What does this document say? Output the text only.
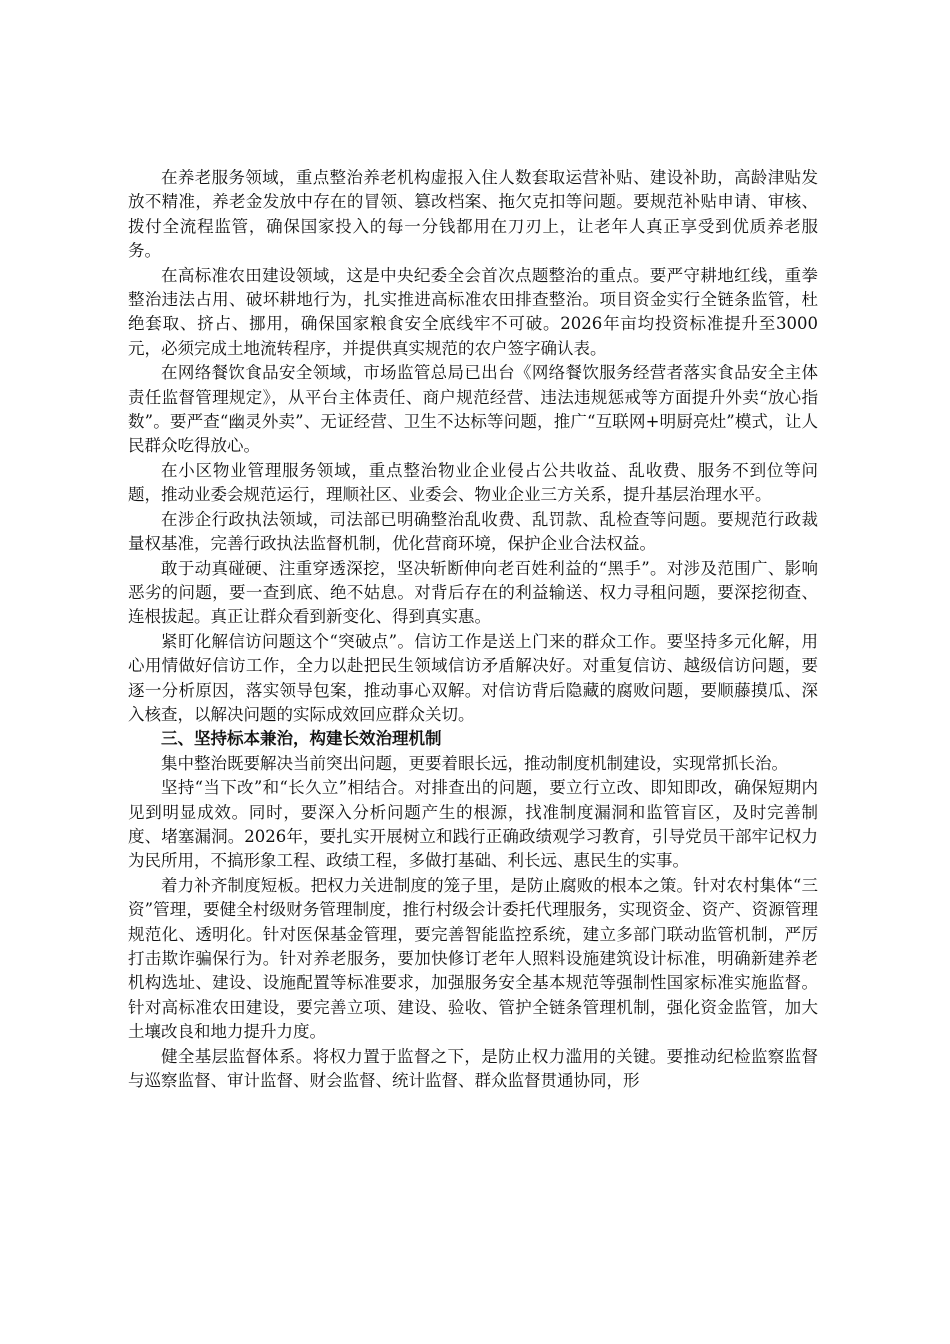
在养老服务领域，重点整治养老机构虚报入住人数套取运营补贴、建设补助，高龄津贴发放不精准，养老金发放中存在的冒领、篡改档案、拖欠克扣等问题。要规范补贴申请、审核、拨付全流程监管，确保国家投入的每一分钱都用在刀刃上，让老年人真正享受到优质养老服务。

在高标准农田建设领域，这是中央纪委全会首次点题整治的重点。要严守耕地红线，重拳整治违法占用、破坏耕地行为，扎实推进高标准农田排查整治。项目资金实行全链条监管，杜绝套取、挤占、挪用，确保国家粮食安全底线牢不可破。2026年亩均投资标准提升至3000元，必须完成土地流转程序，并提供真实规范的农户签字确认表。

在网络餐饮食品安全领域，市场监管总局已出台《网络餐饮服务经营者落实食品安全主体责任监督管理规定》，从平台主体责任、商户规范经营、违法违规惩戒等方面提升外卖“放心指数”。要严查“幽灵外卖”、无证经营、卫生不达标等问题，推广“互联网+明厨亮灶”模式，让人民群众吃得放心。

在小区物业管理服务领域，重点整治物业企业侵占公共收益、乱收费、服务不到位等问题，推动业委会规范运行，理顺社区、业委会、物业企业三方关系，提升基层治理水平。

在涉企行政执法领域，司法部已明确整治乱收费、乱罚款、乱检查等问题。要规范行政裁量权基准，完善行政执法监督机制，优化营商环境，保护企业合法权益。

敢于动真碰硬、注重穿透深挖，坚决斩断伸向老百姓利益的“黑手”。对涉及范围广、影响恶劣的问题，要一查到底、绝不姑息。对背后存在的利益输送、权力寻租问题，要深挖彻查、连根拔起。真正让群众看到新变化、得到真实惠。

紧盯化解信访问题这个“突破点”。信访工作是送上门来的群众工作。要坚持多元化解，用心用情做好信访工作，全力以赴把民生领域信访矛盾解决好。对重复信访、越级信访问题，要逐一分析原因，落实领导包案，推动事心双解。对信访背后隐藏的腐败问题，要顺藤摸瓜、深入核查，以解决问题的实际成效回应群众关切。

三、坚持标本兼治，构建长效治理机制

集中整治既要解决当前突出问题，更要着眼长远，推动制度机制建设，实现常抓长治。

坚持“当下改”和“长久立”相结合。对排查出的问题，要立行立改、即知即改，确保短期内见到明显成效。同时，要深入分析问题产生的根源，找准制度漏洞和监管盲区，及时完善制度、堵塞漏洞。2026年，要扎实开展树立和践行正确政绩观学习教育，引导党员干部牢记权力为民所用，不搞形象工程、政绩工程，多做打基础、利长远、惠民生的实事。

着力补齐制度短板。把权力关进制度的笼子里，是防止腐败的根本之策。针对农村集体“三资”管理，要健全村级财务管理制度，推行村级会计委托代理服务，实现资金、资产、资源管理规范化、透明化。针对医保基金管理，要完善智能监控系统，建立多部门联动监管机制，严厉打击欺诈骗保行为。针对养老服务，要加快修订老年人照料设施建筑设计标准，明确新建养老机构选址、建设、设施配置等标准要求，加强服务安全基本规范等强制性国家标准实施监督。针对高标准农田建设，要完善立项、建设、验收、管护全链条管理机制，强化资金监管，加大土壤改良和地力提升力度。

健全基层监督体系。将权力置于监督之下，是防止权力滥用的关键。要推动纪检监察监督与巡察监督、审计监督、财会监督、统计监督、群众监督贯通协同，形
